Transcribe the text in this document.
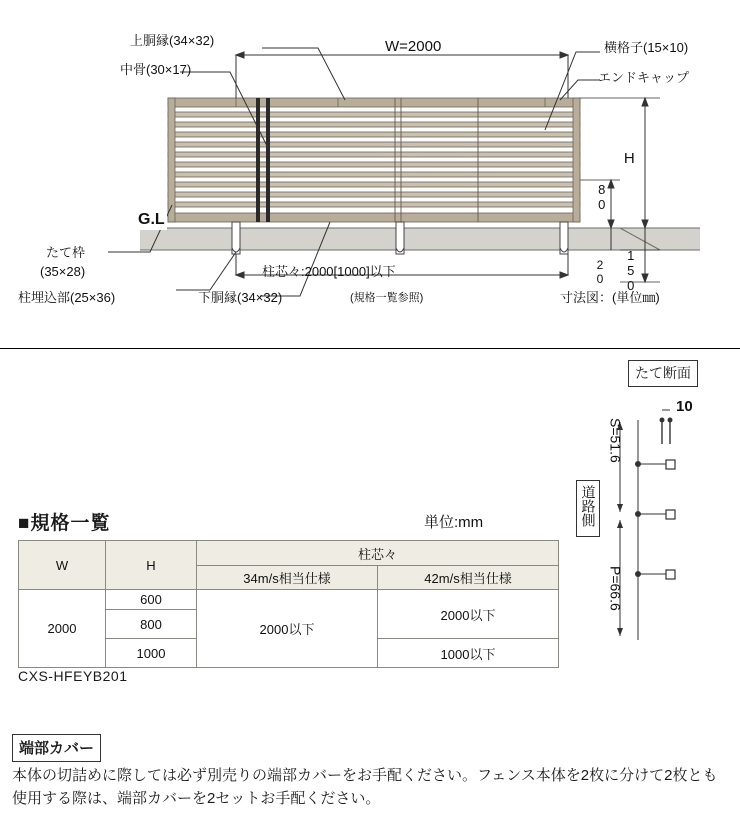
上胴縁(34×32)
中骨(30×17)
横格子(15×10)
エンドキャップ
W=2000
H
80
20 150
G.L
たて枠
(35×28)
柱埋込部(25×36)	下胴縁(34×32)
柱芯々:2000[1000]以下
(規格一覧参照)	寸法図：(単位㎜)
たて断面
10
S=51.6
P=66.6
道路側
■規格一覧	単位:mm
W	H	柱芯々	
		34m/s相当仕様	42m/s相当仕様
2000	600	2000以下	2000以下
	800		
	1000		1000以下
CXS-HFEYB201
端部カバー
本体の切詰めに際しては必ず別売りの端部カバーをお手配ください。フェンス本体を2枚に分けて2枚とも使用する際は、端部カバーを2セットお手配ください。
